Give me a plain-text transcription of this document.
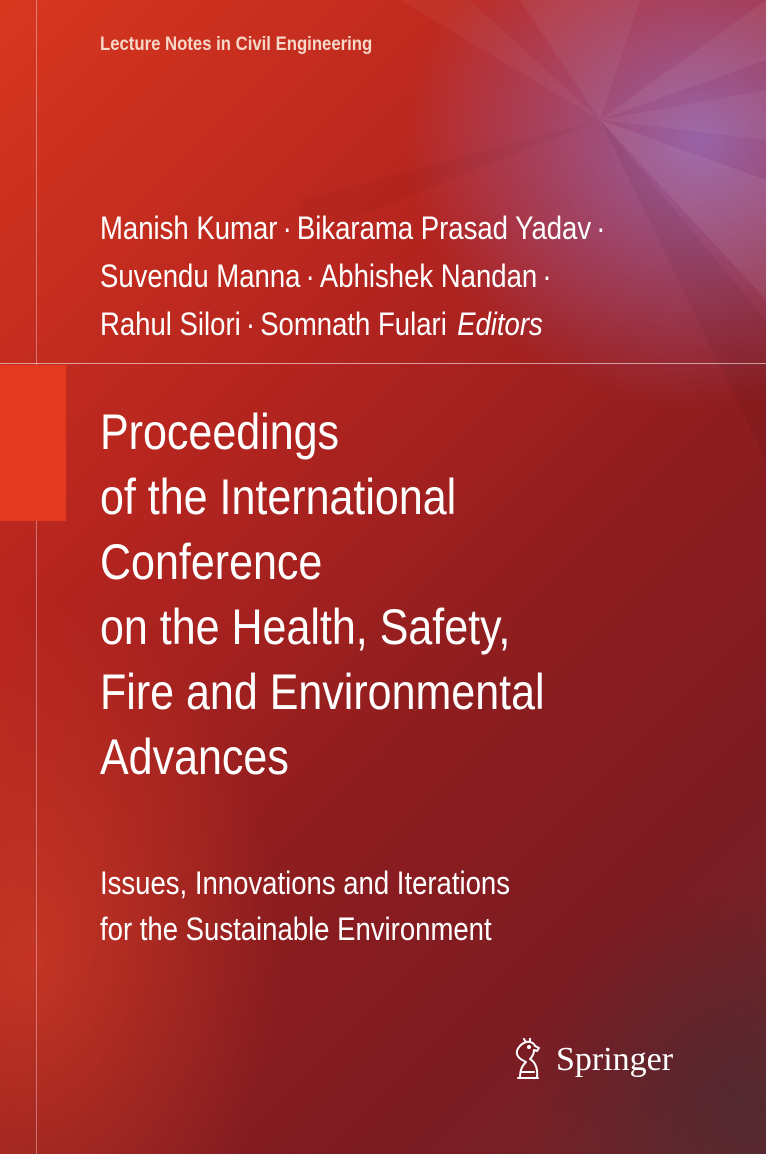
Lecture Notes in Civil Engineering
Manish Kumar · Bikarama Prasad Yadav ·
Suvendu Manna · Abhishek Nandan ·
Rahul Silori · Somnath Fulari Editors
Proceedings
of the International
Conference
on the Health, Safety,
Fire and Environmental
Advances
Issues, Innovations and Iterations
for the Sustainable Environment
Springer
